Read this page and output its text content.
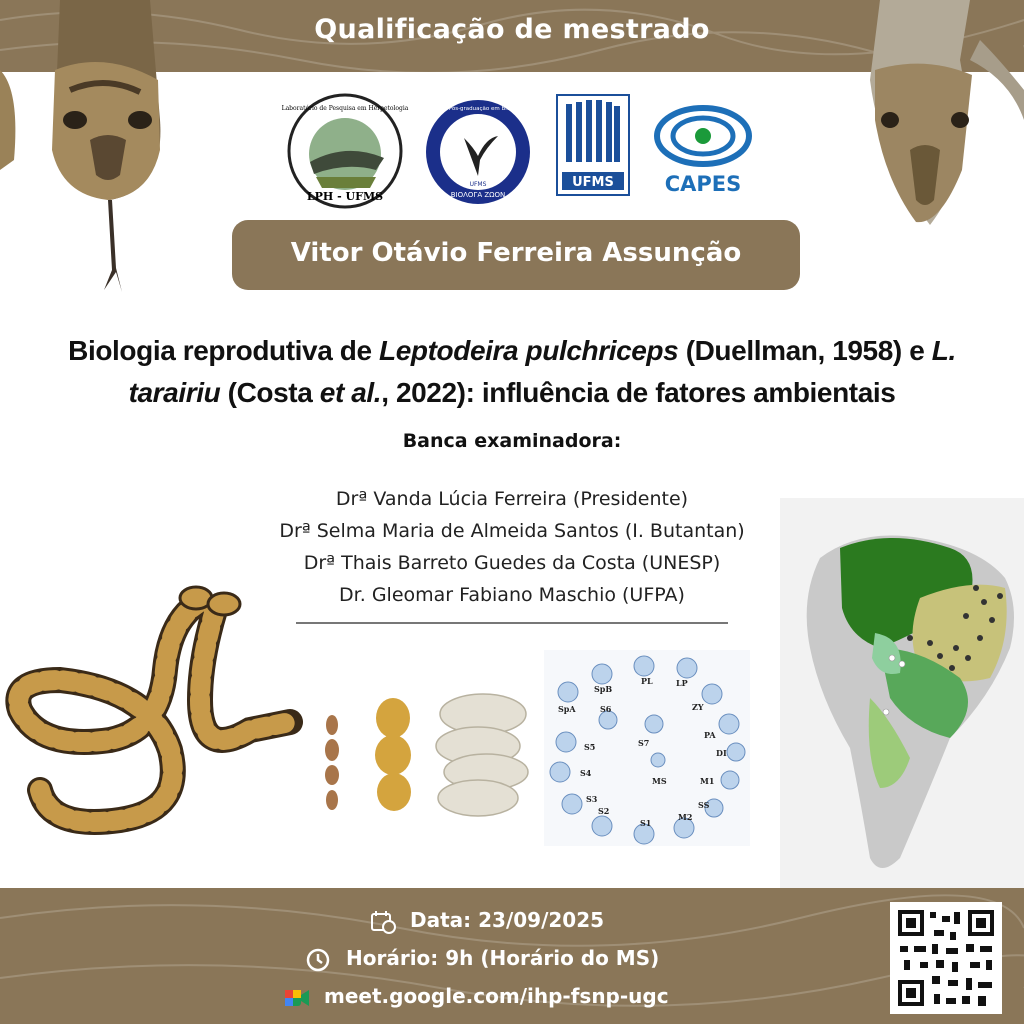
Qualificação de mestrado
LPH - UFMS
Laboratório de Pesquisa em Herpetologia
UFMS
ΒΙΟΛΟΓΑ ΖΩΟΝ
Programa de Pós-graduação em Biologia Animal
UFMS CAPES
Vitor Otávio Ferreira Assunção
Biologia reprodutiva de Leptodeira pulchriceps (Duellman, 1958) e L.
tarairiu (Costa et al., 2022): influência de fatores ambientais
Banca examinadora:
Drª Vanda Lúcia Ferreira (Presidente)
Drª Selma Maria de Almeida Santos (I. Butantan)
Drª Thais Barreto Guedes da Costa (UNESP)
Dr. Gleomar Fabiano Maschio (UFPA)
PL	LP
ZY
PA
DI
M1
SS
M2
S1
S2
S3
S4
S5
SpA
SpB
S6
S7
MS
Data: 23/09/2025
Horário: 9h (Horário do MS)
meet.google.com/ihp-fsnp-ugc
